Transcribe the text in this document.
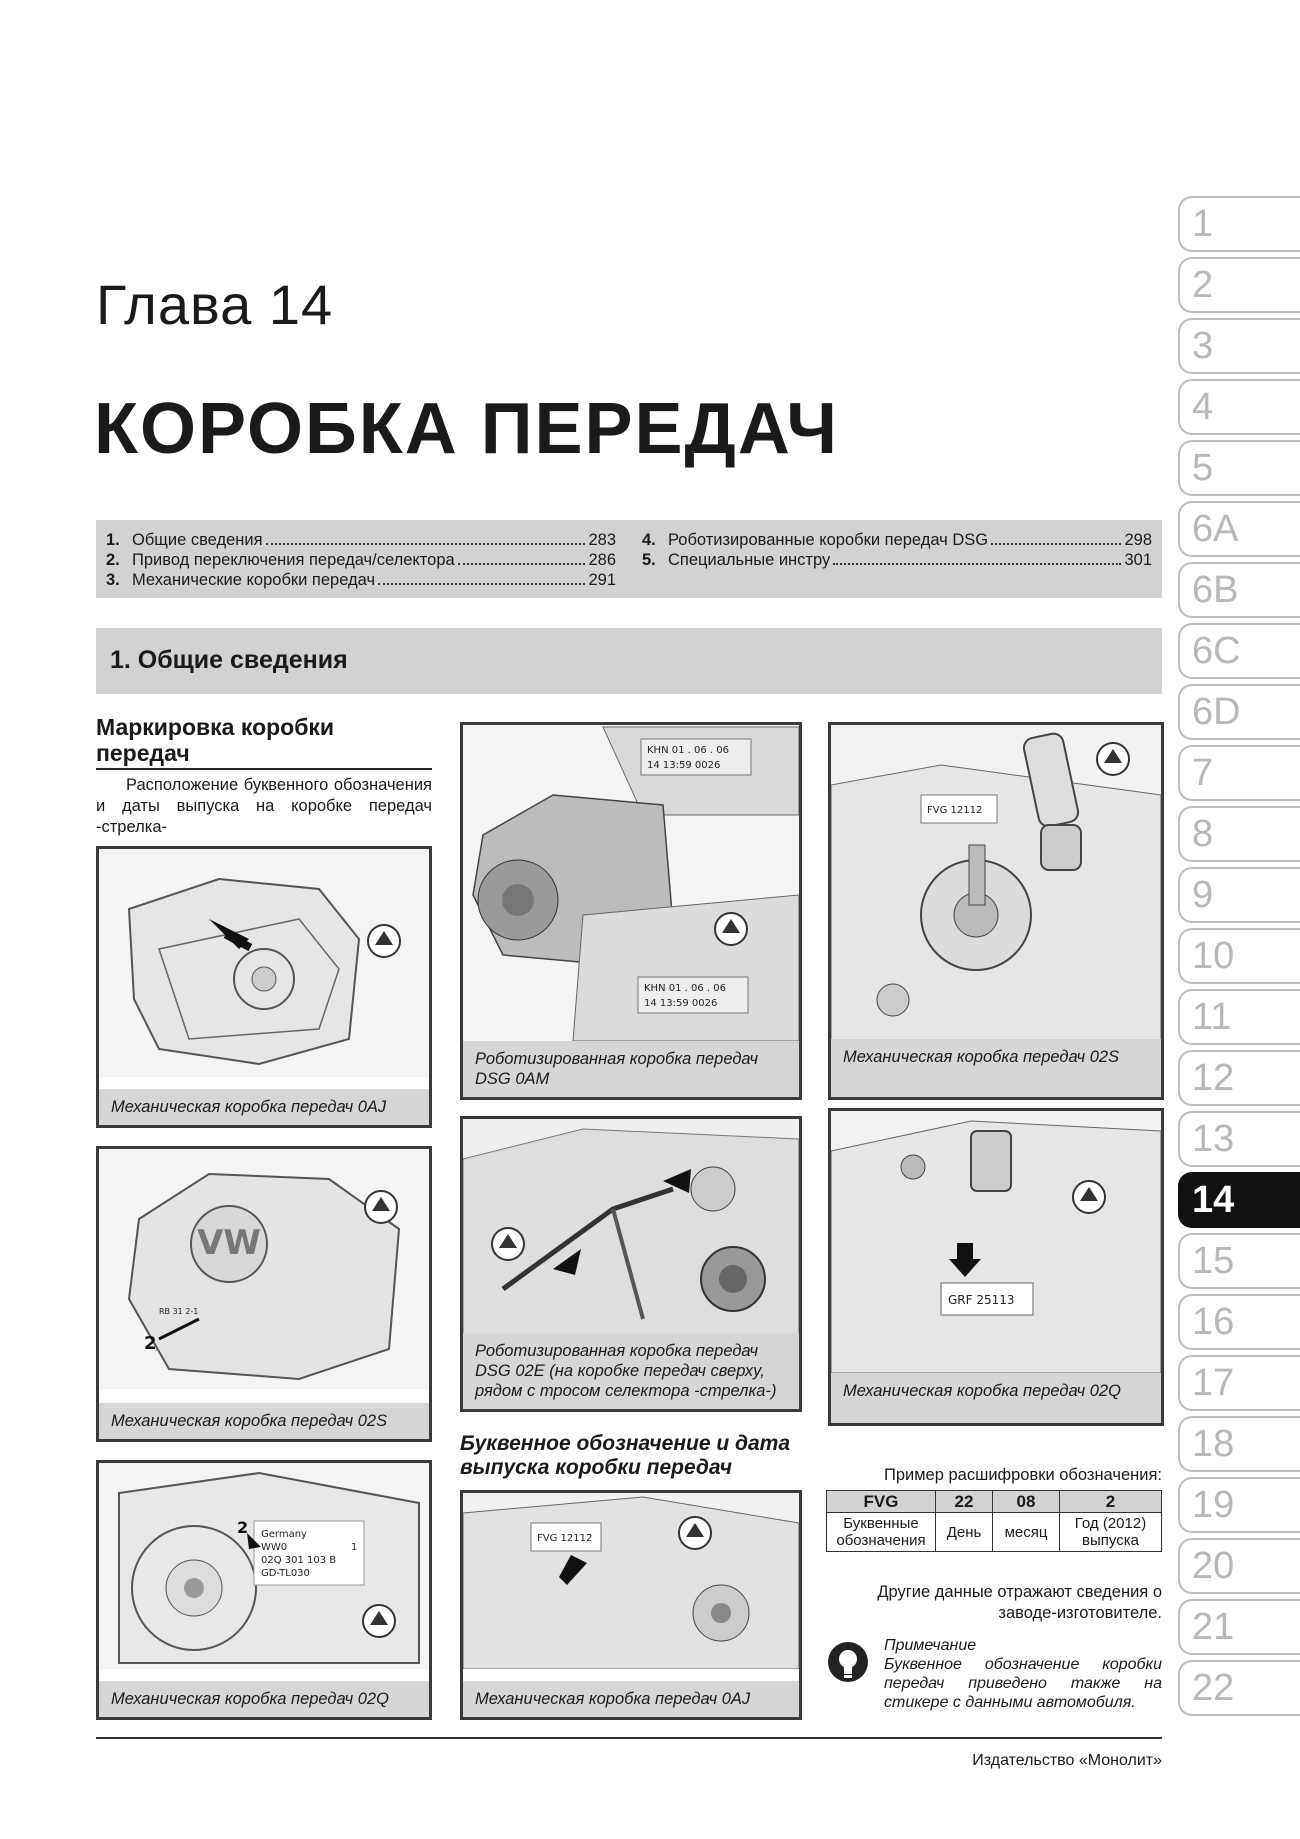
Глава 14
КОРОБКА ПЕРЕДАЧ
1. Общие сведения	283
2. Привод переключения передач/селектора	286
3. Механические коробки передач	291
4. Роботизированные коробки передач DSG	298
5. Специальные инстру	301
1. Общие сведения
Маркировка коробки передач
Расположение буквенного обозначения и даты выпуска на коробке передач -стрелка-
Механическая коробка передач 0AJ
VW
2
RB 31 2-1
Механическая коробка передач 02S
Germany
WW0
02Q 301 103 B
GD-TL030
1
2
Механическая коробка передач 02Q
KHN 01 . 06 . 06
14 13:59 0026
KHN 01 . 06 . 06
14 13:59 0026
Роботизированная коробка передач
DSG 0AM
Роботизированная коробка передач
DSG 02E (на коробке передач сверху,
рядом с тросом селектора -стрелка-)
Буквенное обозначение и дата выпуска коробки передач
FVG 12112
Механическая коробка передач 0AJ
FVG 12112
Механическая коробка передач 02S
GRF 25113
Механическая коробка передач 02Q
Пример расшифровки обозначения:
FVG	22	08	2
Буквенные обозначения	День	месяц	Год (2012) выпуска
Другие данные отражают сведения о заводе-изготовителе.
Примечание
Буквенное обозначение коробки передач приведено также на стикере с данными автомобиля.
Издательство «Монолит»
1
2
3
4
5
6A
6B
6C
6D
7
8
9
10
11
12
13
14
15
16
17
18
19
20
21
22
